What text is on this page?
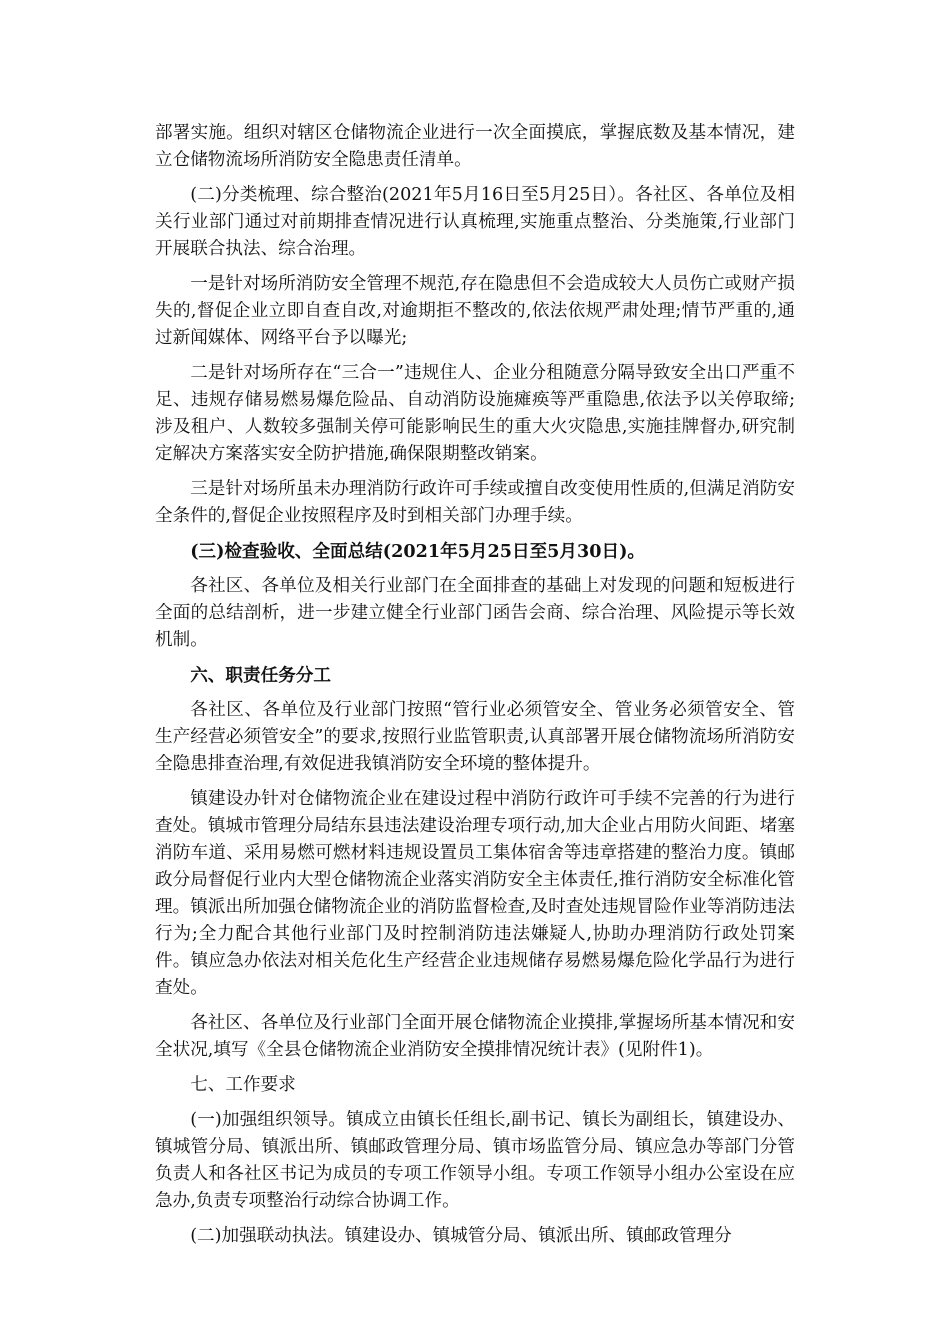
部署实施。组织对辖区仓储物流企业进行一次全面摸底，掌握底数及基本情况，建立仓储物流场所消防安全隐患责任清单。

(二)分类梳理、综合整治(2021年5月16日至5月25日）。各社区、各单位及相关行业部门通过对前期排查情况进行认真梳理,实施重点整治、分类施策,行业部门开展联合执法、综合治理。

一是针对场所消防安全管理不规范,存在隐患但不会造成较大人员伤亡或财产损失的,督促企业立即自查自改,对逾期拒不整改的,依法依规严肃处理;情节严重的,通过新闻媒体、网络平台予以曝光;

二是针对场所存在“三合一”违规住人、企业分租随意分隔导致安全出口严重不足、违规存储易燃易爆危险品、自动消防设施瘫痪等严重隐患,依法予以关停取缔;涉及租户、人数较多强制关停可能影响民生的重大火灾隐患,实施挂牌督办,研究制定解决方案落实安全防护措施,确保限期整改销案。

三是针对场所虽未办理消防行政许可手续或擅自改变使用性质的,但满足消防安全条件的,督促企业按照程序及时到相关部门办理手续。

(三)检查验收、全面总结(2021年5月25日至5月30日)。

各社区、各单位及相关行业部门在全面排查的基础上对发现的问题和短板进行全面的总结剖析，进一步建立健全行业部门函告会商、综合治理、风险提示等长效机制。

六、职责任务分工

各社区、各单位及行业部门按照“管行业必须管安全、管业务必须管安全、管生产经营必须管安全”的要求,按照行业监管职责,认真部署开展仓储物流场所消防安全隐患排查治理,有效促进我镇消防安全环境的整体提升。

镇建设办针对仓储物流企业在建设过程中消防行政许可手续不完善的行为进行查处。镇城市管理分局结东县违法建设治理专项行动,加大企业占用防火间距、堵塞消防车道、采用易燃可燃材料违规设置员工集体宿舍等违章搭建的整治力度。镇邮政分局督促行业内大型仓储物流企业落实消防安全主体责任,推行消防安全标准化管理。镇派出所加强仓储物流企业的消防监督检查,及时查处违规冒险作业等消防违法行为;全力配合其他行业部门及时控制消防违法嫌疑人,协助办理消防行政处罚案件。镇应急办依法对相关危化生产经营企业违规储存易燃易爆危险化学品行为进行查处。

各社区、各单位及行业部门全面开展仓储物流企业摸排,掌握场所基本情况和安全状况,填写《全县仓储物流企业消防安全摸排情况统计表》(见附件1)。

七、工作要求

(一)加强组织领导。镇成立由镇长任组长,副书记、镇长为副组长，镇建设办、镇城管分局、镇派出所、镇邮政管理分局、镇市场监管分局、镇应急办等部门分管负责人和各社区书记为成员的专项工作领导小组。专项工作领导小组办公室设在应急办,负责专项整治行动综合协调工作。

(二)加强联动执法。镇建设办、镇城管分局、镇派出所、镇邮政管理分
